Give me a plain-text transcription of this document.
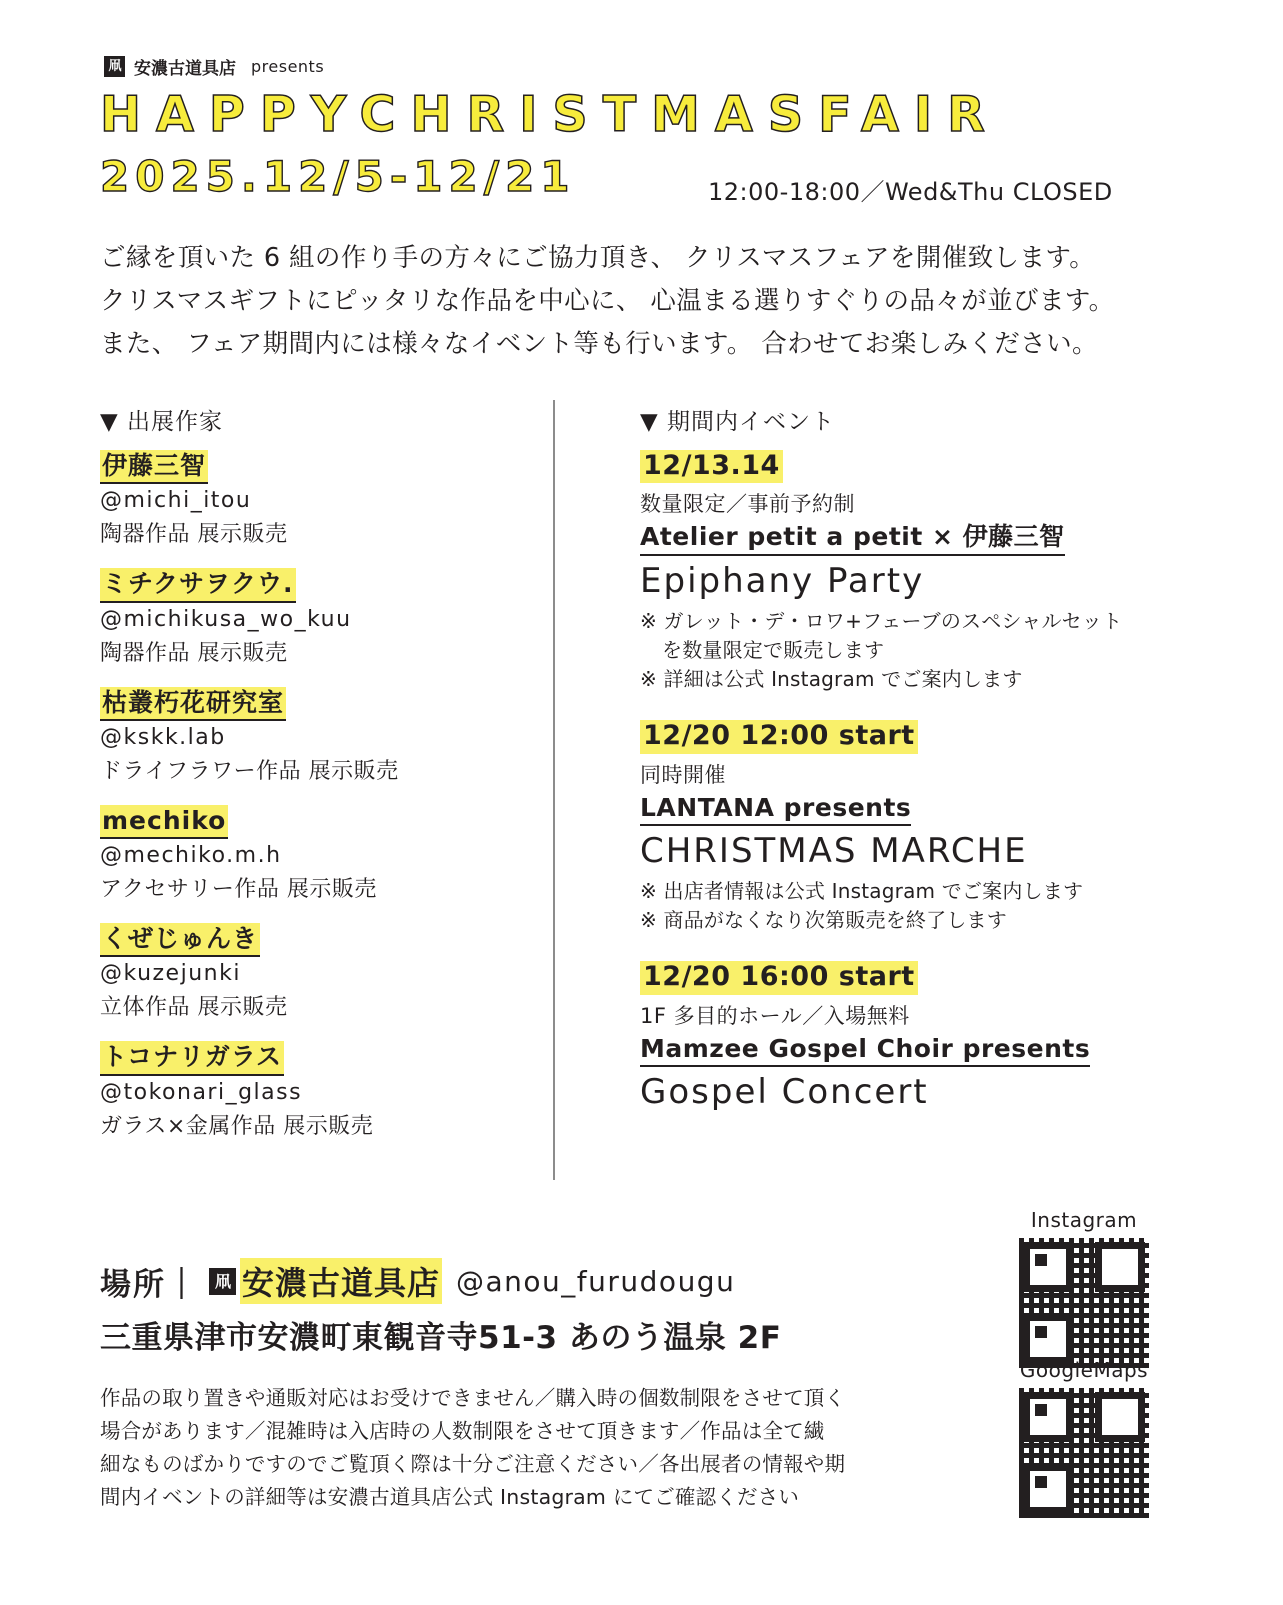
凧 安濃古道具店 presents
HAPPYCHRISTMASFAIR
2025.12/5-12/21	12:00-18:00／Wed&Thu CLOSED
ご縁を頂いた 6 組の作り手の方々にご協力頂き、 クリスマスフェアを開催致します。
クリスマスギフトにピッタリな作品を中心に、 心温まる選りすぐりの品々が並びます。
また、 フェア期間内には様々なイベント等も行います。 合わせてお楽しみください。
▼ 出展作家
伊藤三智
@michi_itou
陶器作品 展示販売
ミチクサヲクウ.
@michikusa_wo_kuu
陶器作品 展示販売
枯叢朽花研究室
@kskk.lab
ドライフラワー作品 展示販売
mechiko
@mechiko.m.h
アクセサリー作品 展示販売
くぜじゅんき
@kuzejunki
立体作品 展示販売
トコナリガラス
@tokonari_glass
ガラス×金属作品 展示販売
▼ 期間内イベント
12/13.14
数量限定／事前予約制
Atelier petit a petit × 伊藤三智
Epiphany Party
※ ガレット・デ・ロワ+フェーブのスペシャルセット
を数量限定で販売します
※ 詳細は公式 Instagram でご案内します
12/20 12:00 start
同時開催
LANTANA presents
CHRISTMAS MARCHE
※ 出店者情報は公式 Instagram でご案内します
※ 商品がなくなり次第販売を終了します
12/20 16:00 start
1F 多目的ホール／入場無料
Mamzee Gospel Choir presents
Gospel Concert
場所｜ 凧 安濃古道具店 @anou_furudougu
三重県津市安濃町東観音寺51-3 あのう温泉 2F
作品の取り置きや通販対応はお受けできません／購入時の個数制限をさせて頂く
場合があります／混雑時は入店時の人数制限をさせて頂きます／作品は全て繊
細なものばかりですのでご覧頂く際は十分ご注意ください／各出展者の情報や期
間内イベントの詳細等は安濃古道具店公式 Instagram にてご確認ください
Instagram
GoogleMaps
